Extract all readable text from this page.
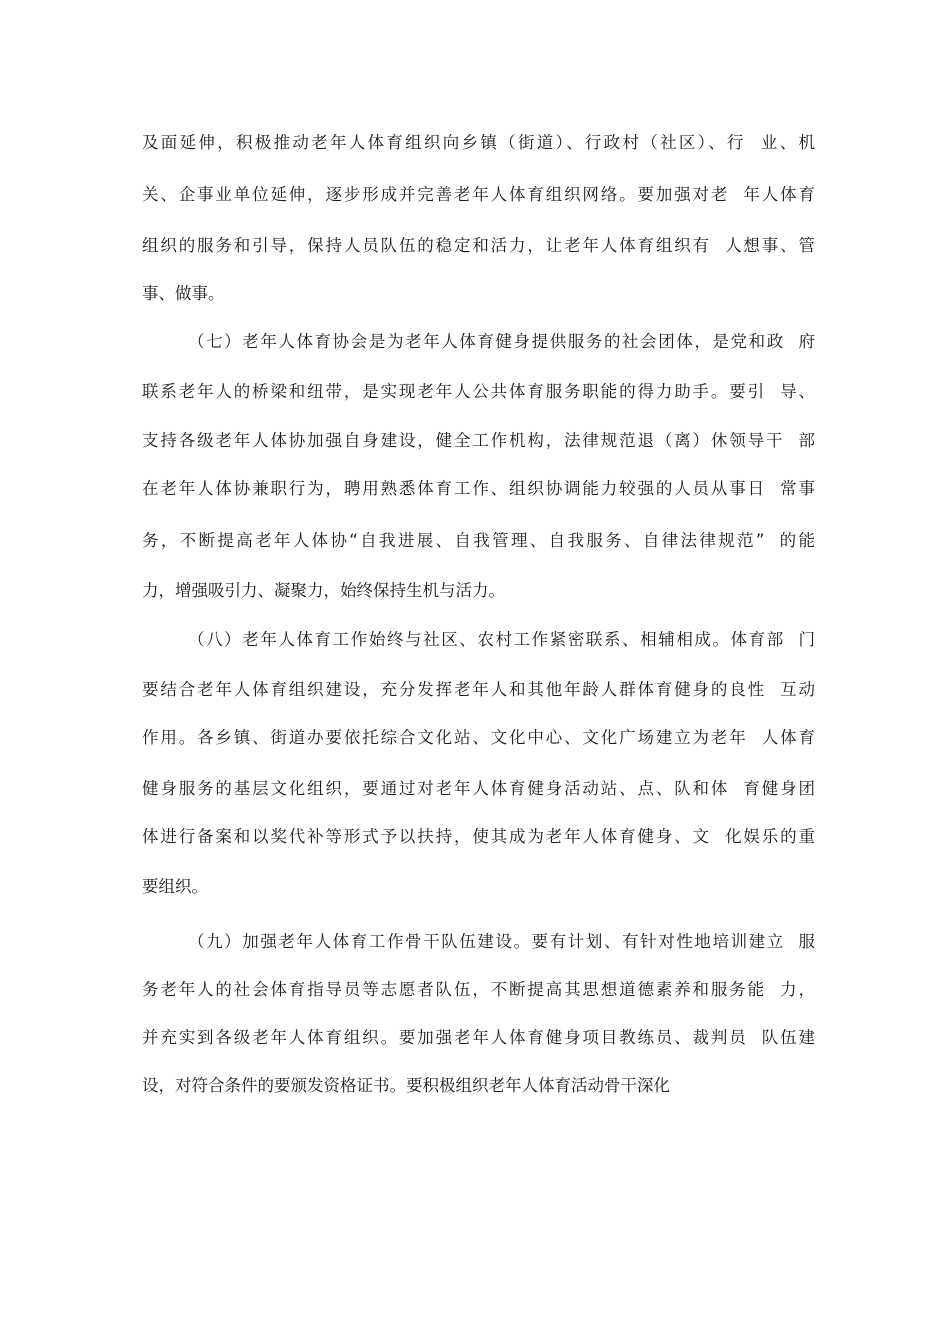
及面延伸，积极推动老年人体育组织向乡镇（街道）、行政村（社区）、行  业、机
关、企事业单位延伸，逐步形成并完善老年人体育组织网络。要加强对老  年人体育
组织的服务和引导，保持人员队伍的稳定和活力，让老年人体育组织有  人想事、管
事、做事。
（七）老年人体育协会是为老年人体育健身提供服务的社会团体，是党和政  府
联系老年人的桥梁和纽带，是实现老年人公共体育服务职能的得力助手。要引  导、
支持各级老年人体协加强自身建设，健全工作机构，法律规范退（离）休领导干  部
在老年人体协兼职行为，聘用熟悉体育工作、组织协调能力较强的人员从事日  常事
务，不断提高老年人体协“自我进展、自我管理、自我服务、自律法律规范”  的能
力，增强吸引力、凝聚力，始终保持生机与活力。
（八）老年人体育工作始终与社区、农村工作紧密联系、相辅相成。体育部  门
要结合老年人体育组织建设，充分发挥老年人和其他年龄人群体育健身的良性  互动
作用。各乡镇、街道办要依托综合文化站、文化中心、文化广场建立为老年  人体育
健身服务的基层文化组织，要通过对老年人体育健身活动站、点、队和体  育健身团
体进行备案和以奖代补等形式予以扶持，使其成为老年人体育健身、文  化娱乐的重
要组织。
（九）加强老年人体育工作骨干队伍建设。要有计划、有针对性地培训建立  服
务老年人的社会体育指导员等志愿者队伍，不断提高其思想道德素养和服务能  力，
并充实到各级老年人体育组织。要加强老年人体育健身项目教练员、裁判员  队伍建
设，对符合条件的要颁发资格证书。要积极组织老年人体育活动骨干深化
